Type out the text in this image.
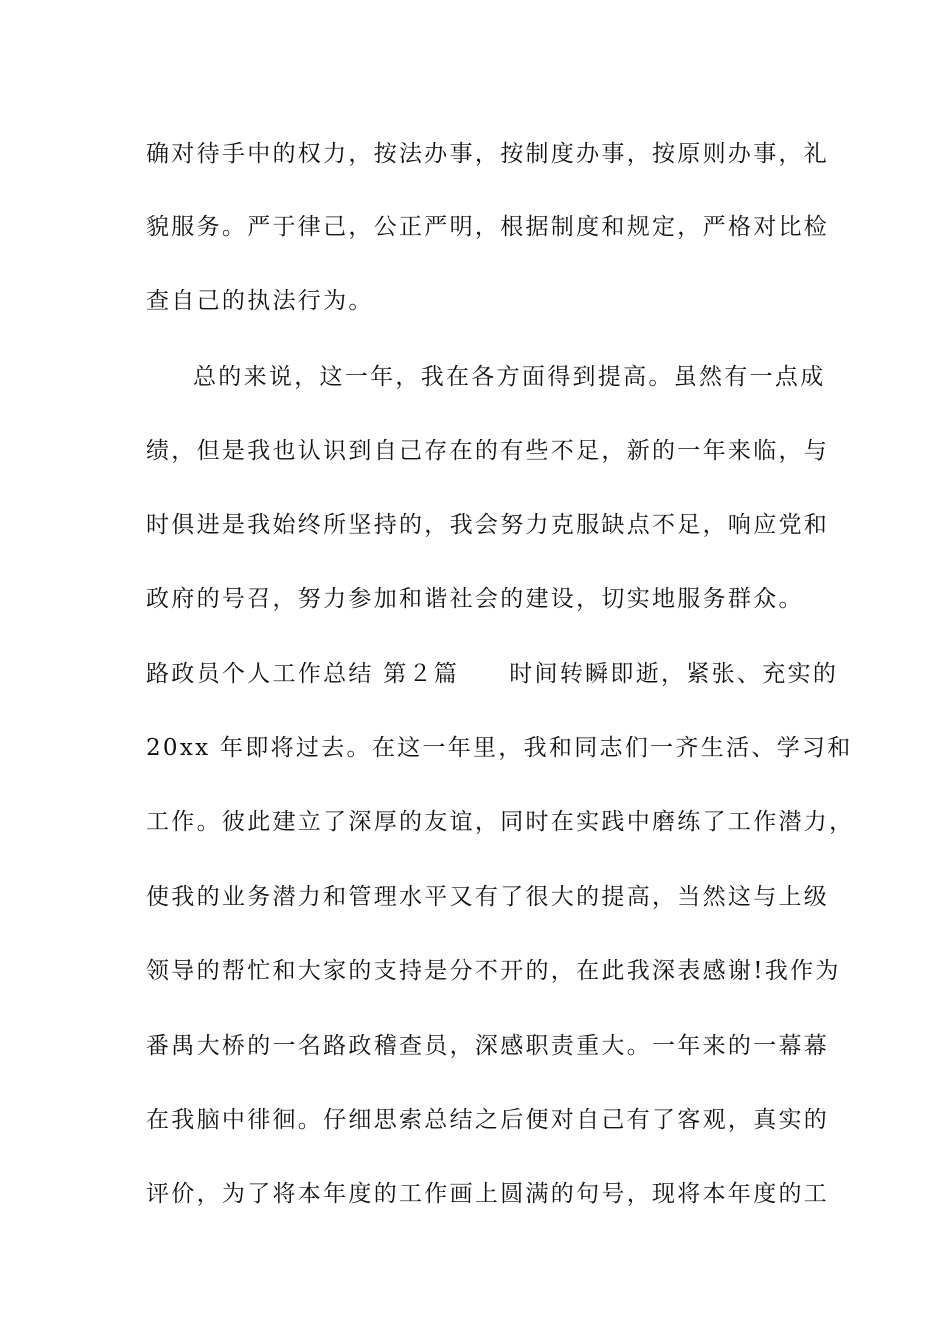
确对待手中的权力，按法办事，按制度办事，按原则办事，礼
貌服务。严于律己，公正严明，根据制度和规定，严格对比检
查自己的执法行为。
总的来说，这一年，我在各方面得到提高。虽然有一点成
绩，但是我也认识到自己存在的有些不足，新的一年来临，与
时俱进是我始终所坚持的，我会努力克服缺点不足，响应党和
政府的号召，努力参加和谐社会的建设，切实地服务群众。
路政员个人工作总结 第２篇 时间转瞬即逝，紧张、充实的
20xx 年即将过去。在这一年里，我和同志们一齐生活、学习和
工作。彼此建立了深厚的友谊，同时在实践中磨练了工作潜力，
使我的业务潜力和管理水平又有了很大的提高，当然这与上级
领导的帮忙和大家的支持是分不开的，在此我深表感谢!我作为
番禺大桥的一名路政稽查员，深感职责重大。一年来的一幕幕
在我脑中徘徊。仔细思索总结之后便对自己有了客观，真实的
评价，为了将本年度的工作画上圆满的句号，现将本年度的工
